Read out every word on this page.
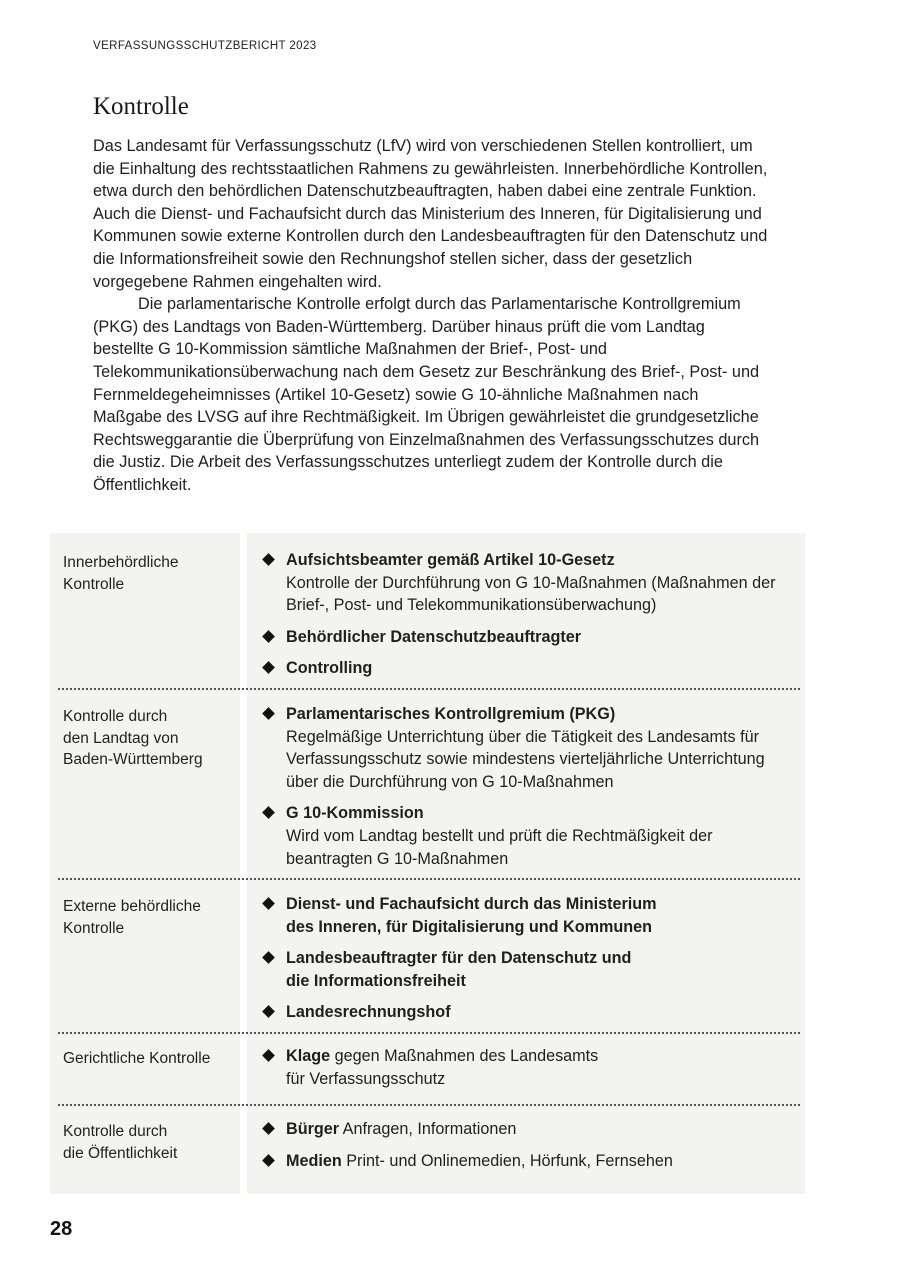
VERFASSUNGSSCHUTZBERICHT 2023
Kontrolle

Das Landesamt für Verfassungsschutz (LfV) wird von verschiedenen Stellen kontrolliert, um die Einhaltung des rechtsstaatlichen Rahmens zu gewährleisten. Innerbehördliche Kontrollen, etwa durch den behördlichen Datenschutzbeauftragten, haben dabei eine zentrale Funktion. Auch die Dienst- und Fachaufsicht durch das Ministerium des Inneren, für Digitalisierung und Kommunen sowie externe Kontrollen durch den Landesbeauftragten für den Datenschutz und die Informationsfreiheit sowie den Rechnungshof stellen sicher, dass der gesetzlich vorgegebene Rahmen eingehalten wird.

Die parlamentarische Kontrolle erfolgt durch das Parlamentarische Kontrollgremium (PKG) des Landtags von Baden-Württemberg. Darüber hinaus prüft die vom Landtag bestellte G 10-Kommission sämtliche Maßnahmen der Brief-, Post- und Telekommunikationsüberwachung nach dem Gesetz zur Beschränkung des Brief-, Post- und Fernmeldegeheimnisses (Artikel 10-Gesetz) sowie G 10-ähnliche Maßnahmen nach Maßgabe des LVSG auf ihre Rechtmäßigkeit. Im Übrigen gewährleistet die grundgesetzliche Rechtsweggarantie die Überprüfung von Einzelmaßnahmen des Verfassungsschutzes durch die Justiz. Die Arbeit des Verfassungsschutzes unterliegt zudem der Kontrolle durch die Öffentlichkeit.

Innerbehördliche
Kontrolle
Aufsichtsbeamter gemäß Artikel 10-Gesetz
Kontrolle der Durchführung von G 10-Maßnahmen (Maßnahmen der Brief-, Post- und Telekommunikationsüberwachung)
Behördlicher Datenschutzbeauftragter
Controlling
Kontrolle durch
den Landtag von
Baden-Württemberg
Parlamentarisches Kontrollgremium (PKG)
Regelmäßige Unterrichtung über die Tätigkeit des Landesamts für Verfassungsschutz sowie mindestens vierteljährliche Unterrichtung über die Durchführung von G 10-Maßnahmen
G 10-Kommission
Wird vom Landtag bestellt und prüft die Rechtmäßigkeit der beantragten G 10-Maßnahmen
Externe behördliche
Kontrolle
Dienst- und Fachaufsicht durch das Ministerium
des Inneren, für Digitalisierung und Kommunen
Landesbeauftragter für den Datenschutz und
die Informationsfreiheit
Landesrechnungshof
Gerichtliche Kontrolle	Klage gegen Maßnahmen des Landesamts
für Verfassungsschutz
Kontrolle durch
die Öffentlichkeit
Bürger Anfragen, Informationen
Medien Print- und Onlinemedien, Hörfunk, Fernsehen
28
